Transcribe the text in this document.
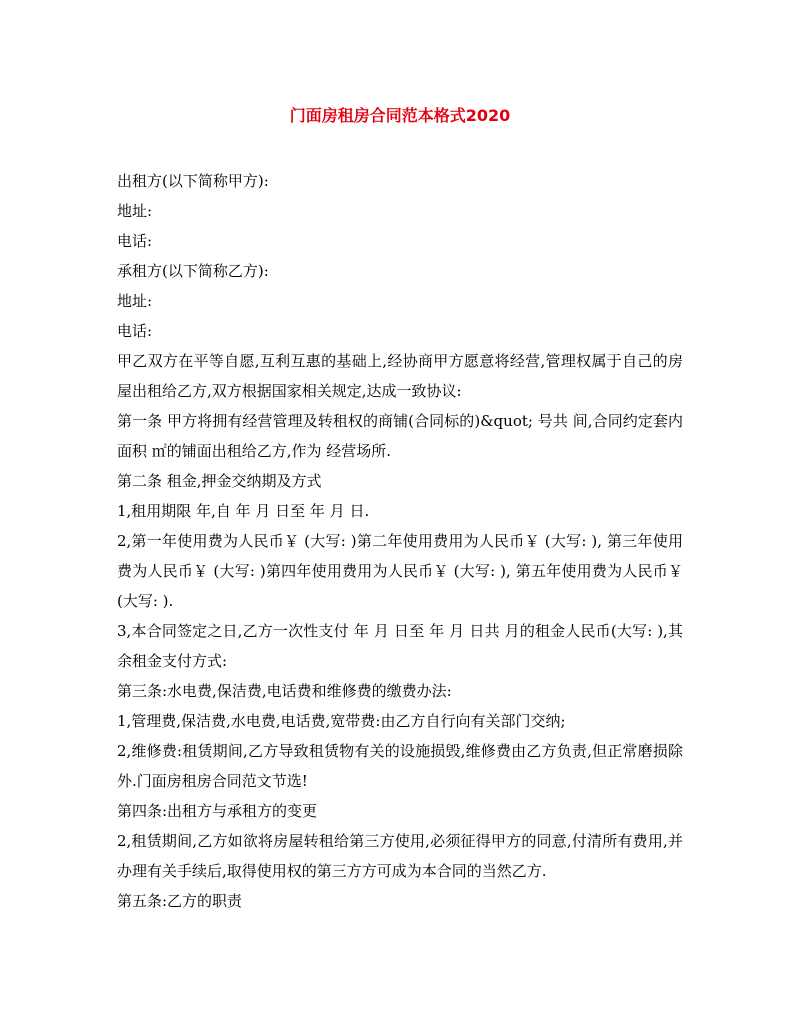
门面房租房合同范本格式2020

出租方(以下简称甲方):

地址:

电话:

承租方(以下简称乙方):

地址:

电话:

甲乙双方在平等自愿,互利互惠的基础上,经协商甲方愿意将经营,管理权属于自己的房屋出租给乙方,双方根据国家相关规定,达成一致协议:

第一条 甲方将拥有经营管理及转租权的商铺(合同标的)&quot; 号共 间,合同约定套内面积 ㎡的铺面出租给乙方,作为 经营场所.

第二条 租金,押金交纳期及方式

1,租用期限 年,自 年 月 日至 年 月 日.

2,第一年使用费为人民币￥ (大写: )第二年使用费用为人民币￥ (大写: ), 第三年使用费为人民币￥ (大写: )第四年使用费用为人民币￥ (大写: ), 第五年使用费为人民币￥ (大写: ).

3,本合同签定之日,乙方一次性支付 年 月 日至 年 月 日共 月的租金人民币(大写: ),其余租金支付方式:

第三条:水电费,保洁费,电话费和维修费的缴费办法:

1,管理费,保洁费,水电费,电话费,宽带费:由乙方自行向有关部门交纳;

2,维修费:租赁期间,乙方导致租赁物有关的设施损毁,维修费由乙方负责,但正常磨损除外.门面房租房合同范文节选!

第四条:出租方与承租方的变更

2,租赁期间,乙方如欲将房屋转租给第三方使用,必须征得甲方的同意,付清所有费用,并办理有关手续后,取得使用权的第三方方可成为本合同的当然乙方.

第五条:乙方的职责
